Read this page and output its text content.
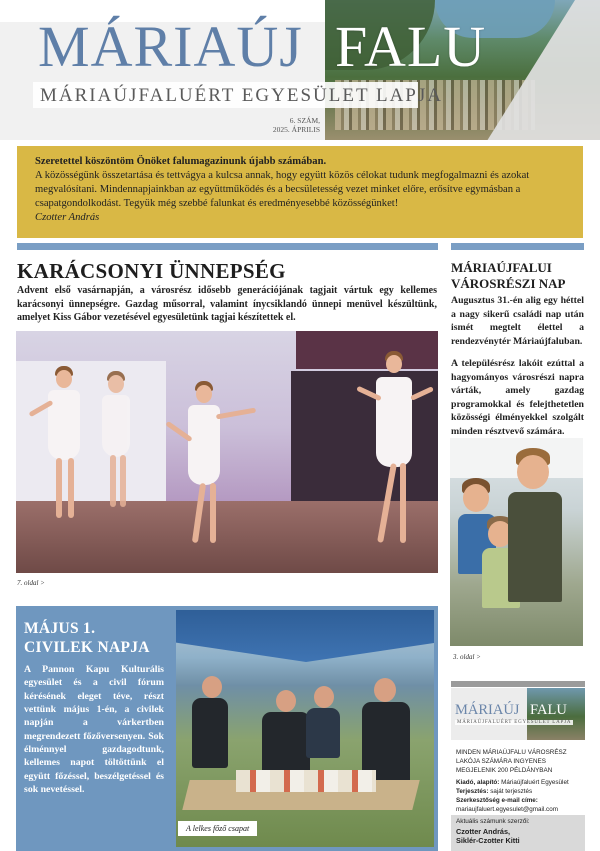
MÁRIAÚJ FALU
MÁRIAÚJFALUÉRT EGYESÜLET LAPJA
6. SZÁM,
2025. ÁPRILIS
Szeretettel köszöntöm Önöket falumagazinunk újabb számában.
A közösségünk összetartása és tettvágya a kulcsa annak, hogy együtt közös célokat tudunk megfogalmazni és azokat megvalósítani. Mindennapjainkban az együttműködés és a becsületesség vezet minket előre, erősítve egymásban a csapatgondolkodást. Tegyük még szebbé falunkat és eredményesebbé közösségünket!
Czotter András
KARÁCSONYI ÜNNEPSÉG

Advent első vasárnapján, a városrész idősebb generációjának tagjait vártuk egy kellemes karácsonyi ünnepségre. Gazdag műsorral, valamint ínycsiklandó ünnepi menüvel készültünk, amelyet Kiss Gábor vezetésével egyesületünk tagjai készítettek el.

7. oldal >
MÁRIAÚJFALUI VÁROSRÉSZI NAP

Augusztus 31.-én alig egy héttel a nagy sikerű családi nap után ismét megtelt élettel a rendezvénytér Máriaújfaluban.

A településrész lakóit ezúttal a hagyományos városrészi napra várták, amely gazdag programokkal és felejthetetlen közösségi élményekkel szolgált minden résztvevő számára.

3. oldal >
MÁJUS 1.
CIVILEK NAPJA

A Pannon Kapu Kulturális egyesület és a civil fórum kérésének eleget téve, részt vettünk május 1-én, a civilek napján a várkertben megrendezett főzőversenyen. Sok élménnyel gazdagodtunk, kellemes napot töltöttünk el együtt főzéssel, beszélgetéssel és sok nevetéssel.

A lelkes főző csapat
MÁRIAÚJ FALU
MÁRIAÚJFALUÉRT EGYESÜLET LAPJA
MINDEN MÁRIAÚJFALU VÁROSRÉSZ LAKÓJA SZÁMÁRA INGYENES MEGJELENIK 200 PÉLDÁNYBAN
Kiadó, alapító: Máriaújfaluért Egyesület
Terjesztés: saját terjesztés
Szerkesztőség e-mail címe:
mariaujfaluert.egyesulet@gmail.com
Aktuális számunk szerzői:
Czotter András,
Siklér-Czotter Kitti
